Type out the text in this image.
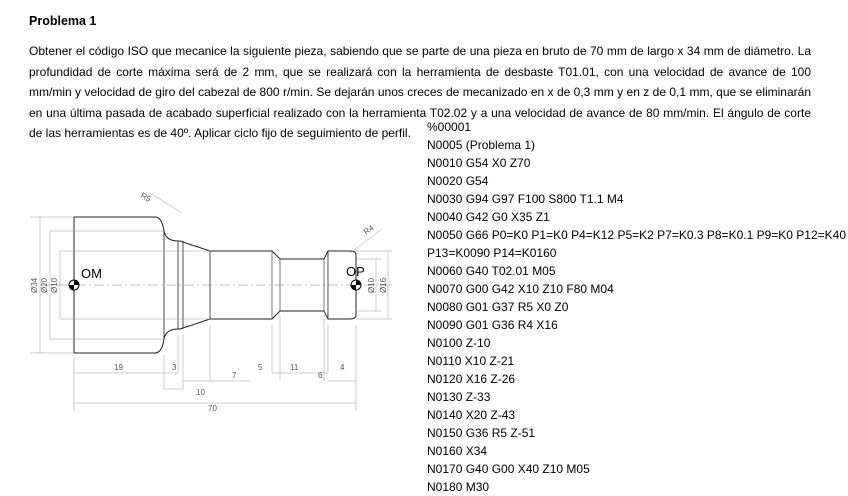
Problema 1
Obtener el código ISO que mecanice la siguiente pieza, sabiendo que se parte de una pieza en bruto de 70 mm de largo x 34 mm de diámetro. La profundidad de corte máxima será de 2 mm, que se realizará con la herramienta de desbaste T01.01, con una velocidad de avance de 100 mm/min y velocidad de giro del cabezal de 800 r/min. Se dejarán unos creces de mecanizado en x de 0,3 mm y en z de 0,1 mm, que se eliminarán en una última pasada de acabado superficial realizado con la herramienta T02.02 y a una velocidad de avance de 80 mm/min. El ángulo de corte de las herramientas es de 40º. Aplicar ciclo fijo de seguimiento de perfil.
OM	OP
R5
R4
Ø34 Ø20 Ø10	Ø10 Ø16
19	3
10
7
5	11
6
4
70
%00001
N0005 (Problema 1)
N0010 G54 X0 Z70
N0020 G54
N0030 G94 G97 F100 S800 T1.1 M4
N0040 G42 G0 X35 Z1
N0050 G66 P0=K0 P1=K0 P4=K12 P5=K2 P7=K0.3 P8=K0.1 P9=K0 P12=K40
P13=K0090 P14=K0160
N0060 G40 T02.01 M05
N0070 G00 G42 X10 Z10 F80 M04
N0080 G01 G37 R5 X0 Z0
N0090 G01 G36 R4 X16
N0100 Z-10
N0110 X10 Z-21
N0120 X16 Z-26
N0130 Z-33
N0140 X20 Z-43
N0150 G36 R5 Z-51
N0160 X34
N0170 G40 G00 X40 Z10 M05
N0180 M30
